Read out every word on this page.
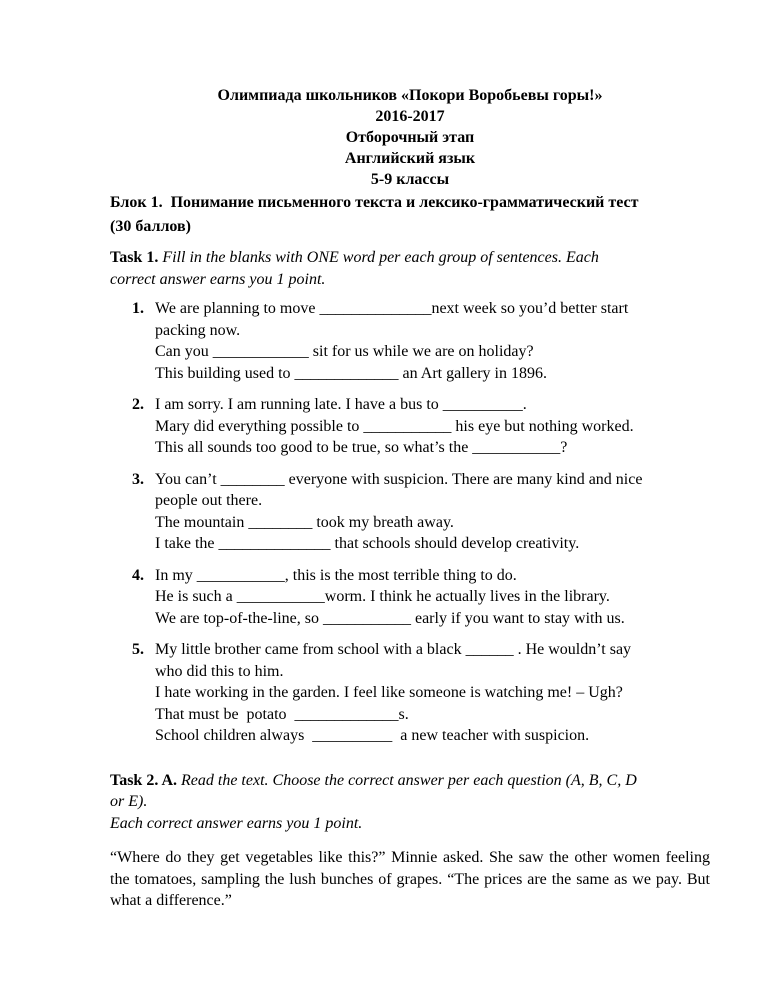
Олимпиада школьников «Покори Воробьевы горы!»
2016-2017
Отборочный этап
Английский язык
5-9 классы
Блок 1.  Понимание письменного текста и лексико-грамматический тест
(30 баллов)
Task 1. Fill in the blanks with ONE word per each group of sentences. Each
correct answer earns you 1 point.
1. We are planning to move ______________next week so you’d better start
packing now.
Can you ____________ sit for us while we are on holiday?
This building used to _____________ an Art gallery in 1896.
2. I am sorry. I am running late. I have a bus to __________.
Mary did everything possible to ___________ his eye but nothing worked.
This all sounds too good to be true, so what’s the ___________?
3. You can’t ________ everyone with suspicion. There are many kind and nice
people out there.
The mountain ________ took my breath away.
I take the ______________ that schools should develop creativity.
4. In my ___________, this is the most terrible thing to do.
He is such a ___________worm. I think he actually lives in the library.
We are top-of-the-line, so ___________ early if you want to stay with us.
5. My little brother came from school with a black ______ . He wouldn’t say
who did this to him.
I hate working in the garden. I feel like someone is watching me! – Ugh?
That must be  potato  _____________s.
School children always  __________  a new teacher with suspicion.
Task 2. A. Read the text. Choose the correct answer per each question (A, B, C, D
or E).
Each correct answer earns you 1 point.
“Where do they get vegetables like this?” Minnie asked. She saw the other women feeling the tomatoes, sampling the lush bunches of grapes. “The prices are the same as we pay. But what a difference.”
